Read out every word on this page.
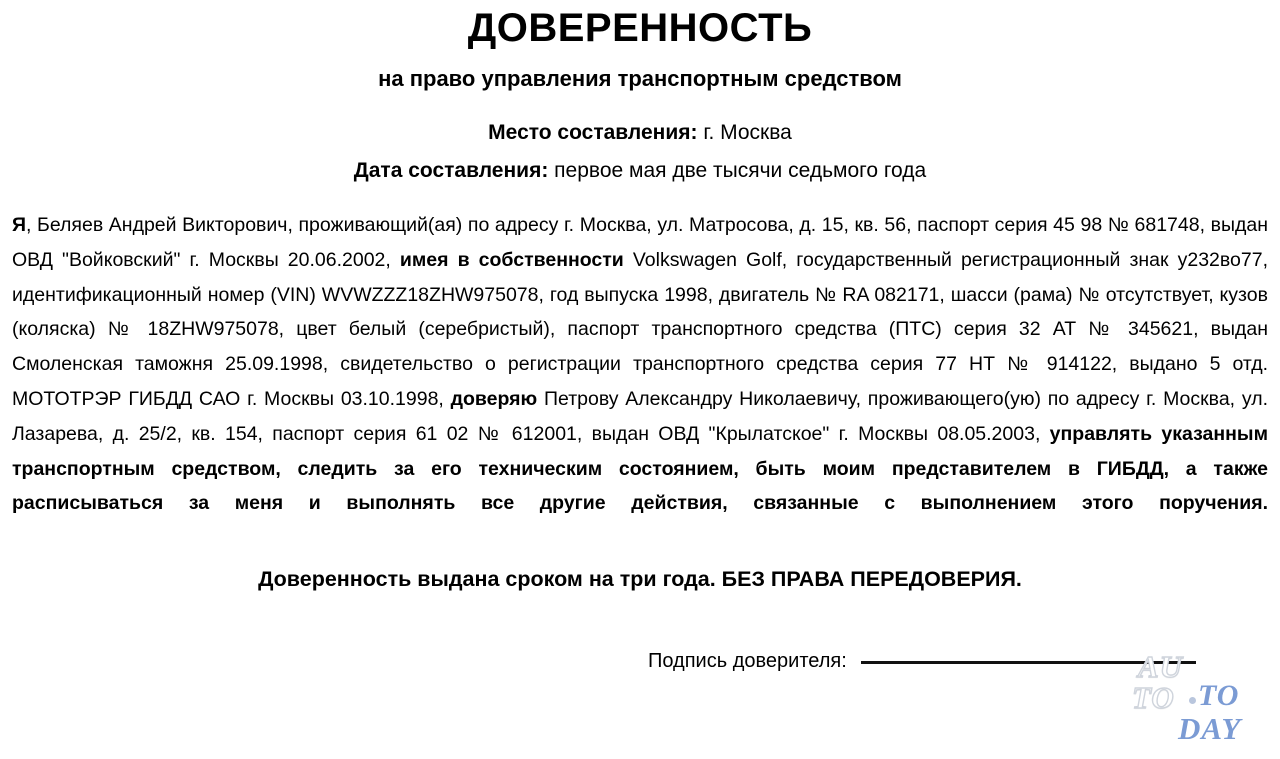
ДОВЕРЕННОСТЬ
на право управления транспортным средством
Место составления: г. Москва
Дата составления: первое мая две тысячи седьмого года

Я, Беляев Андрей Викторович, проживающий(ая) по адресу г. Москва, ул. Матросова, д. 15, кв. 56, паспорт серия 45 98 № 681748, выдан ОВД "Войковский" г. Москвы 20.06.2002, имея в собственности Volkswagen Golf, государственный регистрационный знак у232во77, идентификационный номер (VIN) WVWZZZ18ZHW975078, год выпуска 1998, двигатель № RA 082171, шасси (рама) № отсутствует, кузов (коляска) № 18ZHW975078, цвет белый (серебристый), паспорт транспортного средства (ПТС) серия 32 АТ № 345621, выдан Смоленская таможня 25.09.1998, свидетельство о регистрации транспортного средства серия 77 НТ № 914122, выдано 5 отд. МОТОТРЭР ГИБДД САО г. Москвы 03.10.1998, доверяю Петрову Александру Николаевичу, проживающего(ую) по адресу г. Москва, ул. Лазарева, д. 25/2, кв. 154, паспорт серия 61 02 № 612001, выдан ОВД "Крылатское" г. Москвы 08.05.2003, управлять указанным транспортным средством, следить за его техническим состоянием, быть моим представителем в ГИБДД, а также расписываться за меня и выполнять все другие действия, связанные с выполнением этого поручения.

Доверенность выдана сроком на три года. БЕЗ ПРАВА ПЕРЕДОВЕРИЯ.
Подпись доверителя:	AU
TO TO
DAY
